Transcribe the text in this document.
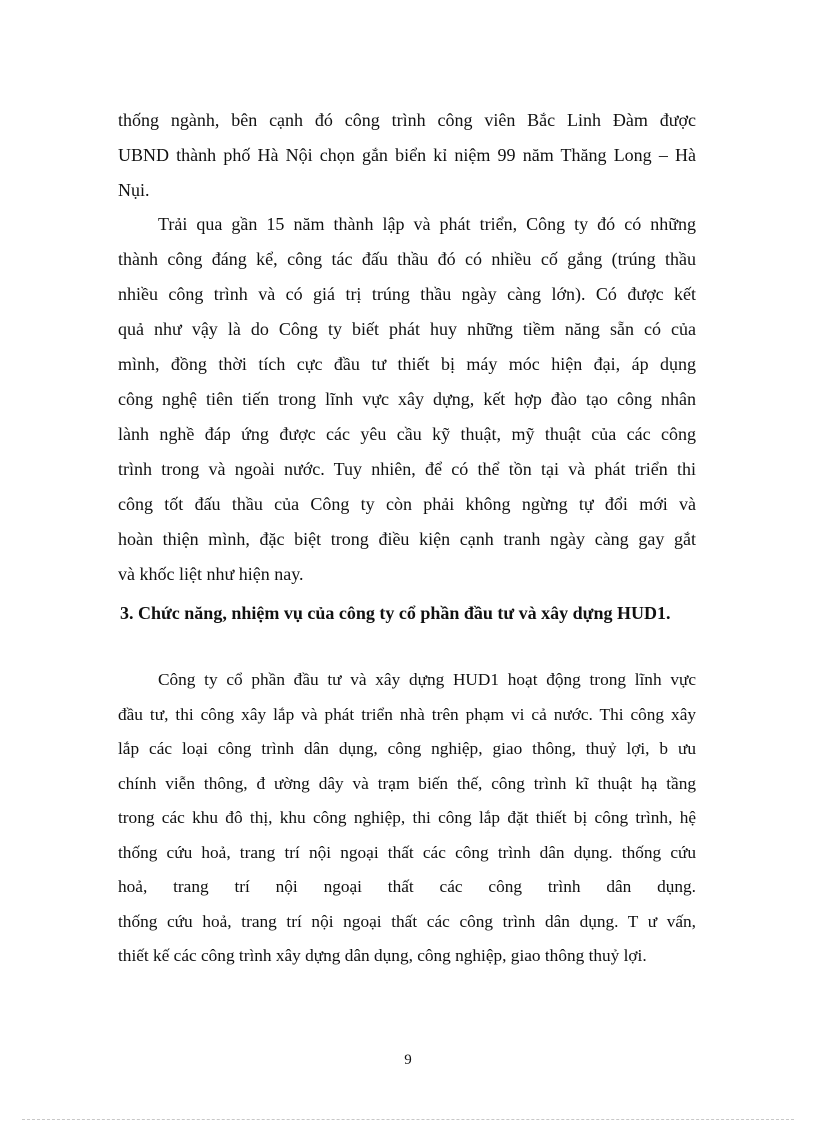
thống ngành, bên cạnh đó công trình công viên Bắc Linh Đàm được
UBND thành phố Hà Nội chọn gắn biển kỉ niệm 99 năm Thăng Long – Hà
Nụi.
Trải qua gần 15 năm thành lập và phát triển, Công ty đó có những
thành công đáng kể, công tác đấu thầu đó có nhiều cố gắng (trúng thầu
nhiều công trình và có giá trị trúng thầu ngày càng lớn). Có được kết
quả như vậy là do Công ty biết phát huy những tiềm năng sẵn có của
mình, đồng thời tích cực đầu tư thiết bị máy móc hiện đại, áp dụng
công nghệ tiên tiến trong lĩnh vực xây dựng, kết hợp đào tạo công nhân
lành nghề đáp ứng được các yêu cầu kỹ thuật, mỹ thuật của các công
trình trong và ngoài nước. Tuy nhiên, để có thể tồn tại và phát triển thi
công tốt đấu thầu của Công ty còn phải không ngừng tự đổi mới và
hoàn thiện mình, đặc biệt trong điều kiện cạnh tranh ngày càng gay gắt
và khốc liệt như hiện nay.
3. Chức năng, nhiệm vụ của công ty cổ phần đầu tư và xây dựng HUD1.
Công ty cổ phần đầu tư và xây dựng HUD1 hoạt động trong lĩnh vực
đầu tư, thi công xây lắp và phát triển nhà trên phạm vi cả nước. Thi công xây
lắp các loại công trình dân dụng, công nghiệp, giao thông, thuỷ lợi, b ưu
chính viễn thông, đ ường dây và trạm biến thế, công trình kĩ thuật hạ tầng
trong các khu đô thị, khu công nghiệp, thi công lắp đặt thiết bị công trình, hệ
thống cứu hoả, trang trí nội ngoại thất các công trình dân dụng. thống cứu
hoả, trang trí nội ngoại thất các công trình dân dụng.
thống cứu hoả, trang trí nội ngoại thất các công trình dân dụng. T ư vấn,
thiết kế các công trình xây dựng dân dụng, công nghiệp, giao thông thuỷ lợi.
9
